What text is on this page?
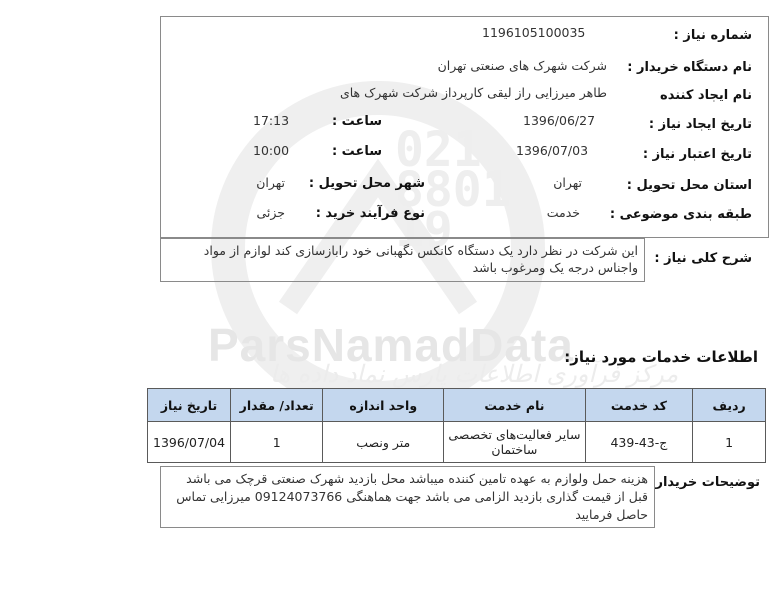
021
8801
19
ParsNamadData
مرکز فرآوری اطلاعات پارس نماد داده ها
شماره نیاز :
1196105100035
نام دستگاه خریدار :
شرکت شهرک های صنعتی تهران
نام ایجاد کننده
طاهر میرزایی راز لیقی کارپرداز شرکت شهرک های
تاریخ ایجاد نیاز :
1396/06/27
ساعت :
17:13
تاریخ اعتبار نیاز :
1396/07/03
ساعت :
10:00
استان محل تحویل :
تهران
شهر محل تحویل :
تهران
طبقه بندی موضوعی :
خدمت
نوع فرآیند خرید :
جزئی
شرح کلی نیاز :
این شرکت در نظر دارد یک دستگاه کانکس نگهبانی خود رابازسازی کند لوازم از مواد واجناس درجه یک ومرغوب باشد
اطلاعات خدمات مورد نیاز:
ردیف	کد خدمت	نام خدمت	واحد اندازه	تعداد/ مقدار	تاریخ نیاز
1	ج-43-439	سایر فعالیت‌های تخصصی ساختمان	متر ونصب	1	1396/07/04
توضیحات خریدار
هزینه حمل ولوازم به عهده تامین کننده میباشد محل بازدید شهرک صنعتی قرچک می باشد قبل از قیمت گذاری بازدید الزامی می باشد جهت هماهنگی 09124073766 میرزایی تماس حاصل فرمایید
